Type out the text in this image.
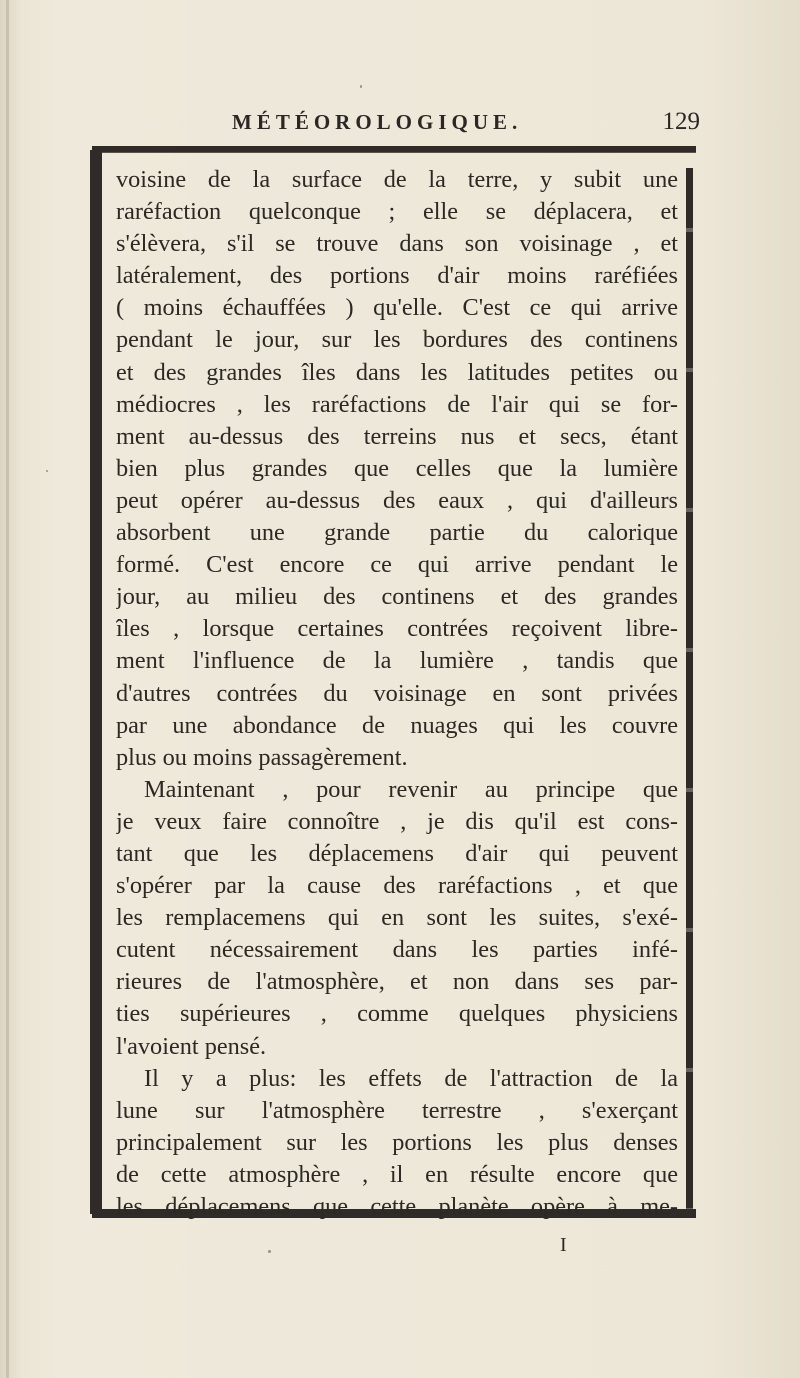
MÉTÉOROLOGIQUE.	129
voisine de la surface de la terre, y subit une
raréfaction quelconque ; elle se déplacera, et
s'élèvera, s'il se trouve dans son voisinage , et
latéralement, des portions d'air moins raréfiées
( moins échauffées ) qu'elle. C'est ce qui arrive
pendant le jour, sur les bordures des continens
et des grandes îles dans les latitudes petites ou
médiocres , les raréfactions de l'air qui se for-
ment au-dessus des terreins nus et secs, étant
bien plus grandes que celles que la lumière
peut opérer au-dessus des eaux , qui d'ailleurs
absorbent une grande partie du calorique
formé. C'est encore ce qui arrive pendant le
jour, au milieu des continens et des grandes
îles , lorsque certaines contrées reçoivent libre-
ment l'influence de la lumière , tandis que
d'autres contrées du voisinage en sont privées
par une abondance de nuages qui les couvre
plus ou moins passagèrement.
Maintenant , pour revenir au principe que
je veux faire connoître , je dis qu'il est cons-
tant que les déplacemens d'air qui peuvent
s'opérer par la cause des raréfactions , et que
les remplacemens qui en sont les suites, s'exé-
cutent nécessairement dans les parties infé-
rieures de l'atmosphère, et non dans ses par-
ties supérieures , comme quelques physiciens
l'avoient pensé.
Il y a plus: les effets de l'attraction de la
lune sur l'atmosphère terrestre , s'exerçant
principalement sur les portions les plus denses
de cette atmosphère , il en résulte encore que
les déplacemens que cette planète opère à me-
I
